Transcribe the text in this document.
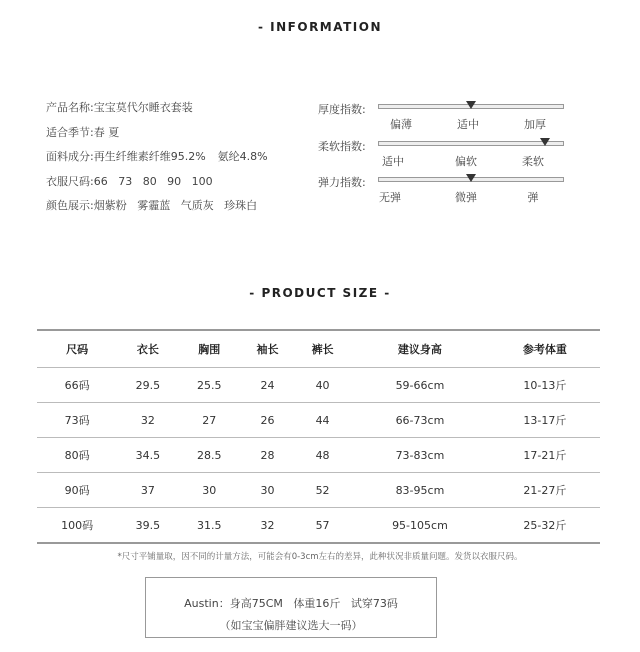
- INFORMATION
产品名称:宝宝莫代尔睡衣套装
适合季节:春 夏
面料成分:再生纤维素纤维95.2% 氨纶4.8%
衣服尺码:66   73   80   90   100
颜色展示:烟紫粉   雾霾蓝   气质灰   珍珠白
厚度指数:
偏薄	适中	加厚
柔软指数:
适中	偏软	柔软
弹力指数:
无弹	微弹	弹
- PRODUCT SIZE -
尺码	衣长	胸围	袖长	裤长	建议身高	参考体重
66码	29.5	25.5	24	40	59-66cm	10-13斤
73码	32	27	26	44	66-73cm	13-17斤
80码	34.5	28.5	28	48	73-83cm	17-21斤
90码	37	30	30	52	83-95cm	21-27斤
100码	39.5	31.5	32	57	95-105cm	25-32斤
*尺寸平铺量取，因不同的计量方法，可能会有0-3cm左右的差异，此种状况非质量问题。发货以衣服尺码。
Austin：身高75CM   体重16斤   试穿73码
（如宝宝偏胖建议选大一码）
